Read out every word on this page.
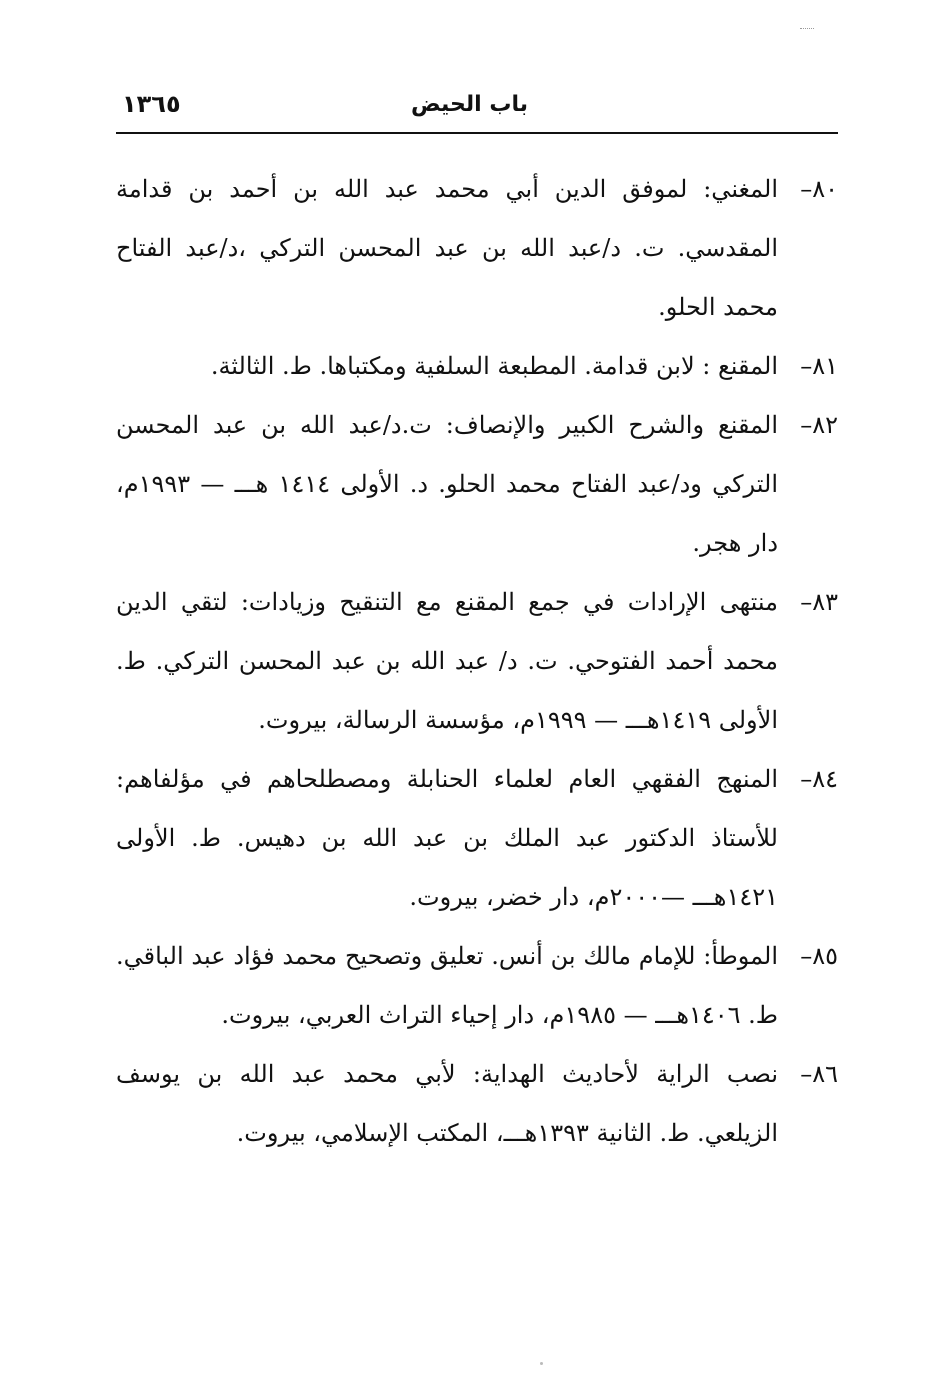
باب الحيض
١٣٦٥
٨٠ –
المغني: لموفق الدين أبي محمد عبد الله بن أحمد بن قدامة المقدسي. ت. د/عبد الله بن عبد المحسن التركي ،د/عبد الفتاح محمد الحلو.
٨١ –
المقنع : لابن قدامة. المطبعة السلفية ومكتباها. ط. الثالثة.
٨٢ –
المقنع والشرح الكبير والإنصاف: ت.د/عبد الله بن عبد المحسن التركي ود/عبد الفتاح محمد الحلو. د. الأولى ١٤١٤ هـــ — ١٩٩٣م، دار هجر.
٨٣ –
منتهى الإرادات في جمع المقنع مع التنقيح وزيادات: لتقي الدين محمد أحمد الفتوحي. ت. د/ عبد الله بن عبد المحسن التركي. ط. الأولى ١٤١٩هـــ — ١٩٩٩م، مؤسسة الرسالة، بيروت.
٨٤ –
المنهج الفقهي العام لعلماء الحنابلة ومصطلحاهم في مؤلفاهم: للأستاذ الدكتور عبد الملك بن عبد الله بن دهيس. ط. الأولى ١٤٢١هـــ —٢٠٠٠م، دار خضر، بيروت.
٨٥ –
الموطأ: للإمام مالك بن أنس. تعليق وتصحيح محمد فؤاد عبد الباقي. ط. ١٤٠٦هـــ — ١٩٨٥م، دار إحياء التراث العربي، بيروت.
٨٦ –
نصب الراية لأحاديث الهداية: لأبي محمد عبد الله بن يوسف الزيلعي. ط. الثانية ١٣٩٣هـــ، المكتب الإسلامي، بيروت.
